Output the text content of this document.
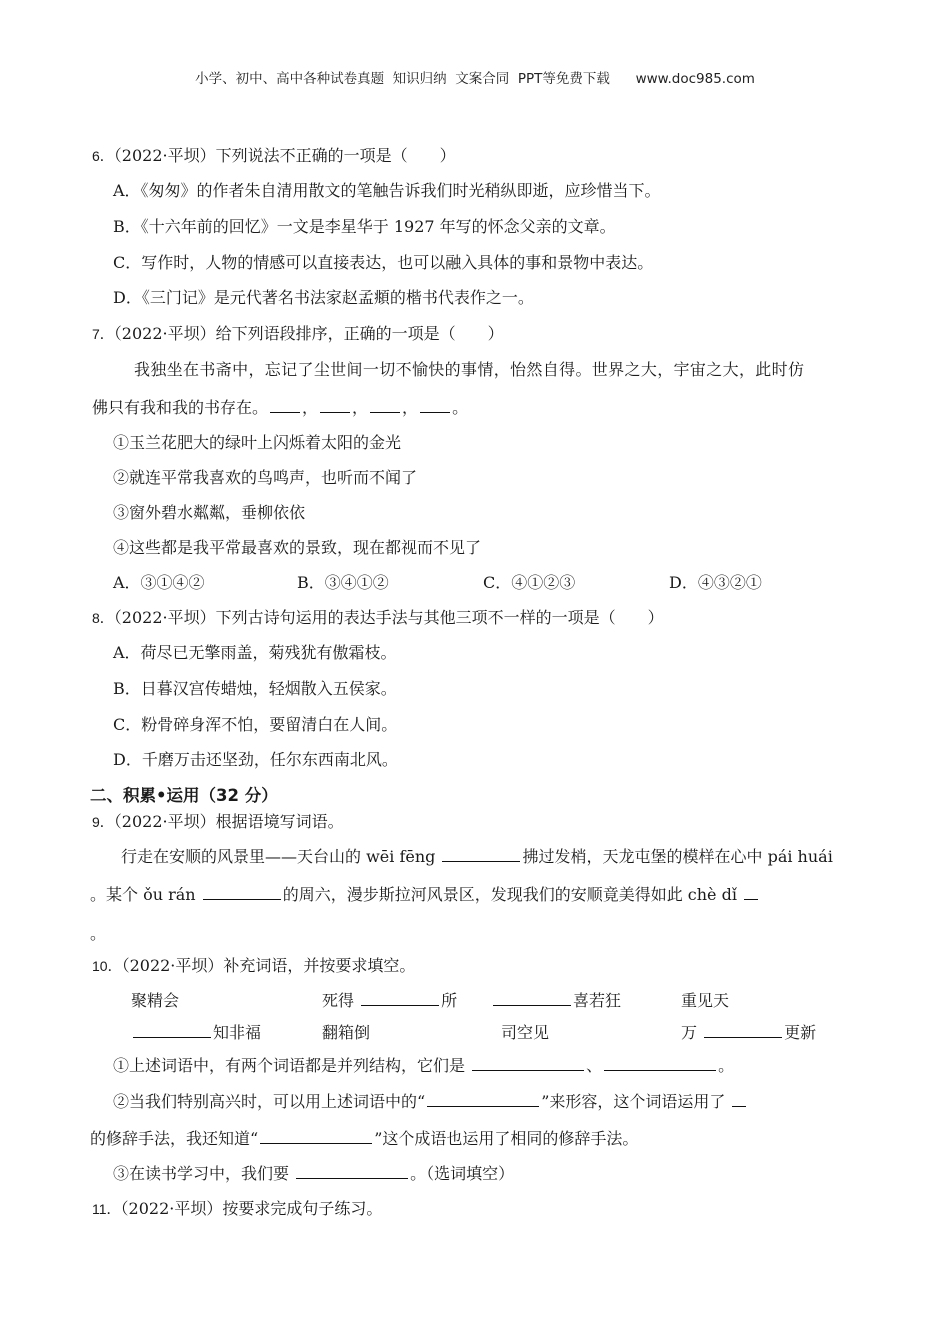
小学、初中、高中各种试卷真题  知识归纳  文案合同  PPT等免费下载      www.doc985.com
6．（2022·平坝）下列说法不正确的一项是（　　）
A．《匆匆》的作者朱自清用散文的笔触告诉我们时光稍纵即逝，应珍惜当下。
B．《十六年前的回忆》一文是李星华于 1927 年写的怀念父亲的文章。
C．写作时，人物的情感可以直接表达，也可以融入具体的事和景物中表达。
D．《三门记》是元代著名书法家赵孟頫的楷书代表作之一。
7．（2022·平坝）给下列语段排序，正确的一项是（　　）
我独坐在书斋中，忘记了尘世间一切不愉快的事情，怡然自得。世界之大，宇宙之大，此时仿
佛只有我和我的书存在。 ， ， ， 。
①玉兰花肥大的绿叶上闪烁着太阳的金光
②就连平常我喜欢的鸟鸣声，也听而不闻了
③窗外碧水粼粼，垂柳依依
④这些都是我平常最喜欢的景致，现在都视而不见了
A．③①④②	B．③④①②	C．④①②③	D．④③②①
8．（2022·平坝）下列古诗句运用的表达手法与其他三项不一样的一项是（　　）
A．荷尽已无擎雨盖，菊残犹有傲霜枝。
B．日暮汉宫传蜡烛，轻烟散入五侯家。
C．粉骨碎身浑不怕，要留清白在人间。
D．千磨万击还坚劲，任尔东西南北风。
二、积累•运用（32 分）
9．（2022·平坝）根据语境写词语。
行走在安顺的风景里——天台山的 wēi fēng	拂过发梢，天龙屯堡的模样在心中 pái huái
。某个 ǒu rán	的周六，漫步斯拉河风景区，发现我们的安顺竟美得如此 chè dǐ
。
10．（2022·平坝）补充词语，并按要求填空。
聚精会	死得	所	喜若狂	重见天
知非福	翻箱倒	司空见	万	更新
①上述词语中，有两个词语都是并列结构，它们是	、	。
②当我们特别高兴时，可以用上述词语中的“	”来形容，这个词语运用了
的修辞手法，我还知道“	”这个成语也运用了相同的修辞手法。
③在读书学习中，我们要	。（选词填空）
11．（2022·平坝）按要求完成句子练习。
